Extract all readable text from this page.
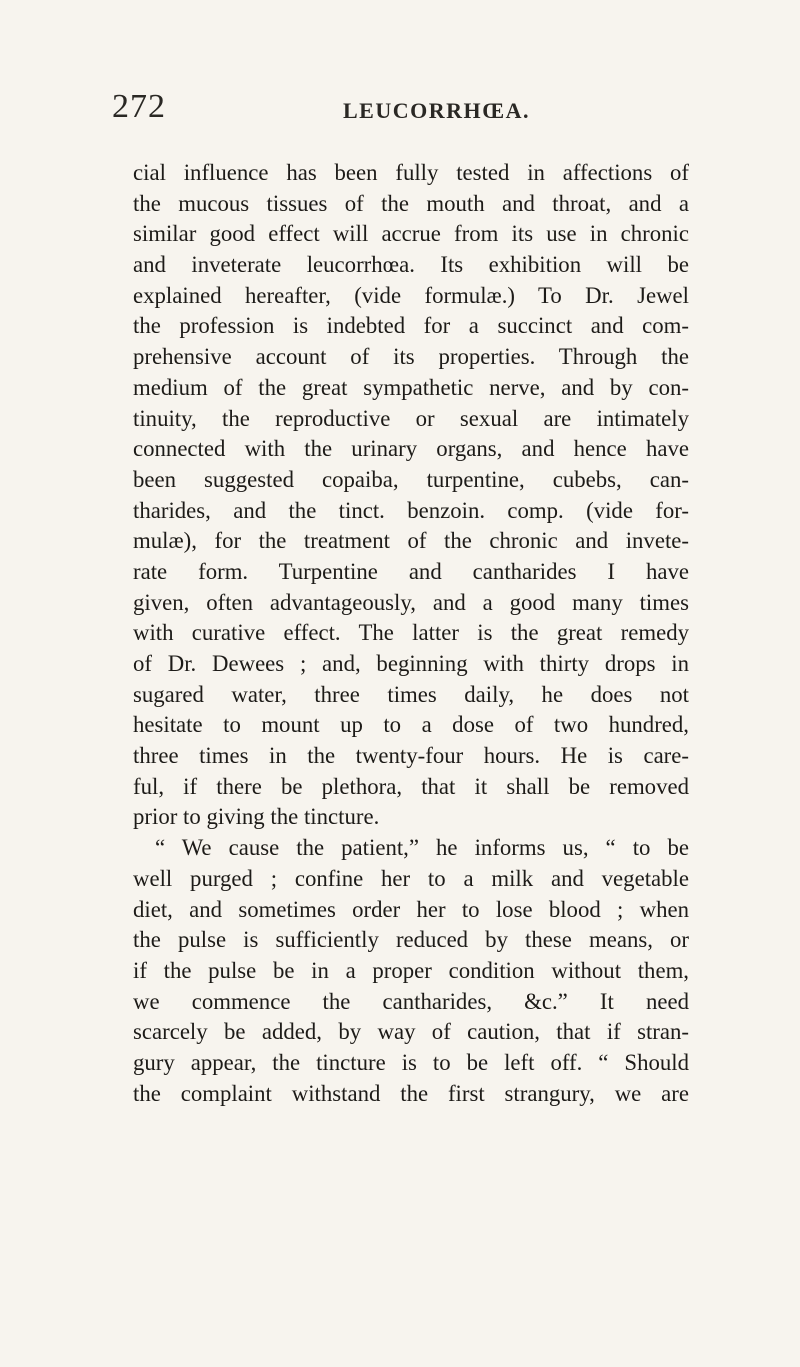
272	LEUCORRHŒA.
cial influence has been fully tested in affections of
the mucous tissues of the mouth and throat, and a
similar good effect will accrue from its use in chronic
and inveterate leucorrhœa. Its exhibition will be
explained hereafter, (vide formulæ.) To Dr. Jewel
the profession is indebted for a succinct and com-
prehensive account of its properties. Through the
medium of the great sympathetic nerve, and by con-
tinuity, the reproductive or sexual are intimately
connected with the urinary organs, and hence have
been suggested copaiba, turpentine, cubebs, can-
tharides, and the tinct. benzoin. comp. (vide for-
mulæ), for the treatment of the chronic and invete-
rate form. Turpentine and cantharides I have
given, often advantageously, and a good many times
with curative effect. The latter is the great remedy
of Dr. Dewees ; and, beginning with thirty drops in
sugared water, three times daily, he does not
hesitate to mount up to a dose of two hundred,
three times in the twenty-four hours. He is care-
ful, if there be plethora, that it shall be removed
prior to giving the tincture.
“ We cause the patient,” he informs us, “ to be
well purged ; confine her to a milk and vegetable
diet, and sometimes order her to lose blood ; when
the pulse is sufficiently reduced by these means, or
if the pulse be in a proper condition without them,
we commence the cantharides, &c.” It need
scarcely be added, by way of caution, that if stran-
gury appear, the tincture is to be left off. “ Should
the complaint withstand the first strangury, we are
